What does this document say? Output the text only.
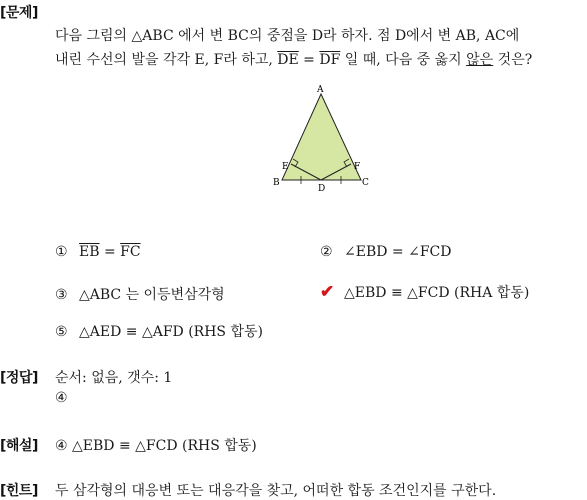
[문제]
[정답]
[해설]
[힌트]
다음 그림의 △ABC 에서 변 BC의 중점을 D라 하자. 점 D에서 변 AB, AC에
내린 수선의 발을 각각 E, F라 하고, $\overline{DE} = \overline{DF}$ 일 때, 다음 중 옳지 않은 것은?
A
B	C
D
E	F
① $\overline{EB} = \overline{FC}$	② ∠EBD = ∠FCD
③ △ABC 는 이등변삼각형	✔ △EBD ≡ △FCD (RHA 합동)
⑤ △AED ≡ △AFD (RHS 합동)
순서: 없음, 갯수: 1
④
④ △EBD ≡ △FCD (RHS 합동)
두 삼각형의 대응변 또는 대응각을 찾고, 어떠한 합동 조건인지를 구한다.
